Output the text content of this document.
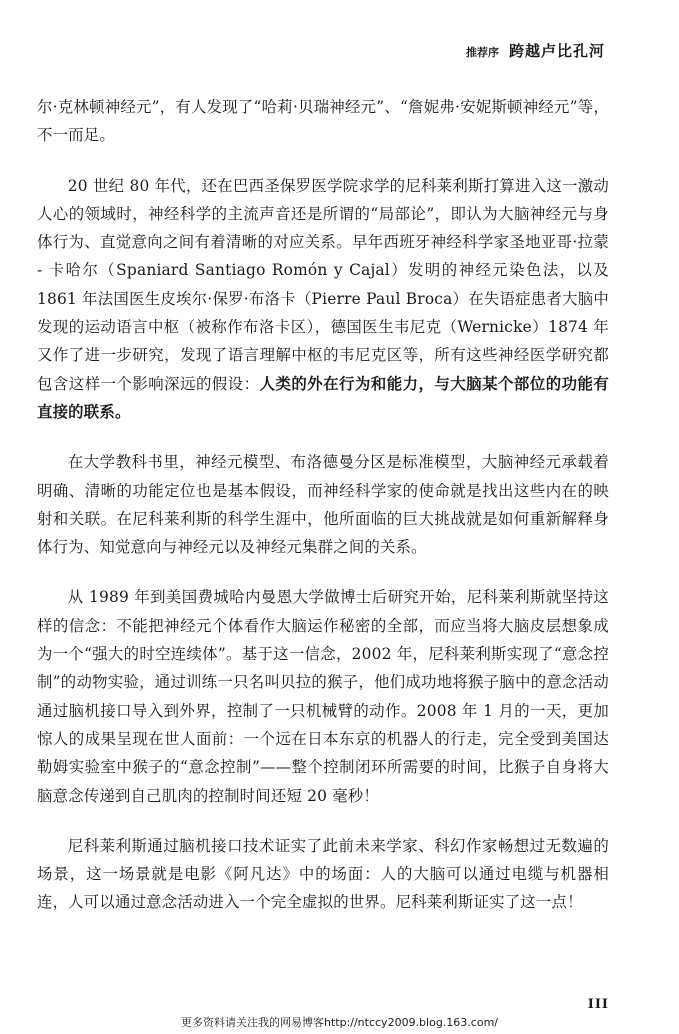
推荐序 跨越卢比孔河

尔·克林顿神经元”，有人发现了“哈莉·贝瑞神经元”、“詹妮弗·安妮斯顿神经元”等，不一而足。

20 世纪 80 年代，还在巴西圣保罗医学院求学的尼科莱利斯打算进入这一激动人心的领域时，神经科学的主流声音还是所谓的“局部论”，即认为大脑神经元与身体行为、直觉意向之间有着清晰的对应关系。早年西班牙神经科学家圣地亚哥·拉蒙 - 卡哈尔（Spaniard Santiago Romón y Cajal）发明的神经元染色法，以及 1861 年法国医生皮埃尔·保罗·布洛卡（Pierre Paul Broca）在失语症患者大脑中发现的运动语言中枢（被称作布洛卡区），德国医生韦尼克（Wernicke）1874 年又作了进一步研究，发现了语言理解中枢的韦尼克区等，所有这些神经医学研究都包含这样一个影响深远的假设：人类的外在行为和能力，与大脑某个部位的功能有直接的联系。

在大学教科书里，神经元模型、布洛德曼分区是标准模型，大脑神经元承载着明确、清晰的功能定位也是基本假设，而神经科学家的使命就是找出这些内在的映射和关联。在尼科莱利斯的科学生涯中，他所面临的巨大挑战就是如何重新解释身体行为、知觉意向与神经元以及神经元集群之间的关系。

从 1989 年到美国费城哈内曼恩大学做博士后研究开始，尼科莱利斯就坚持这样的信念：不能把神经元个体看作大脑运作秘密的全部，而应当将大脑皮层想象成为一个“强大的时空连续体”。基于这一信念，2002 年，尼科莱利斯实现了“意念控制”的动物实验，通过训练一只名叫贝拉的猴子，他们成功地将猴子脑中的意念活动通过脑机接口导入到外界，控制了一只机械臂的动作。2008 年 1 月的一天，更加惊人的成果呈现在世人面前：一个远在日本东京的机器人的行走，完全受到美国达勒姆实验室中猴子的“意念控制”——整个控制闭环所需要的时间，比猴子自身将大脑意念传递到自己肌肉的控制时间还短 20 毫秒！

尼科莱利斯通过脑机接口技术证实了此前未来学家、科幻作家畅想过无数遍的场景，这一场景就是电影《阿凡达》中的场面：人的大脑可以通过电缆与机器相连，人可以通过意念活动进入一个完全虚拟的世界。尼科莱利斯证实了这一点！

III
更多资料请关注我的网易博客http://ntccy2009.blog.163.com/
